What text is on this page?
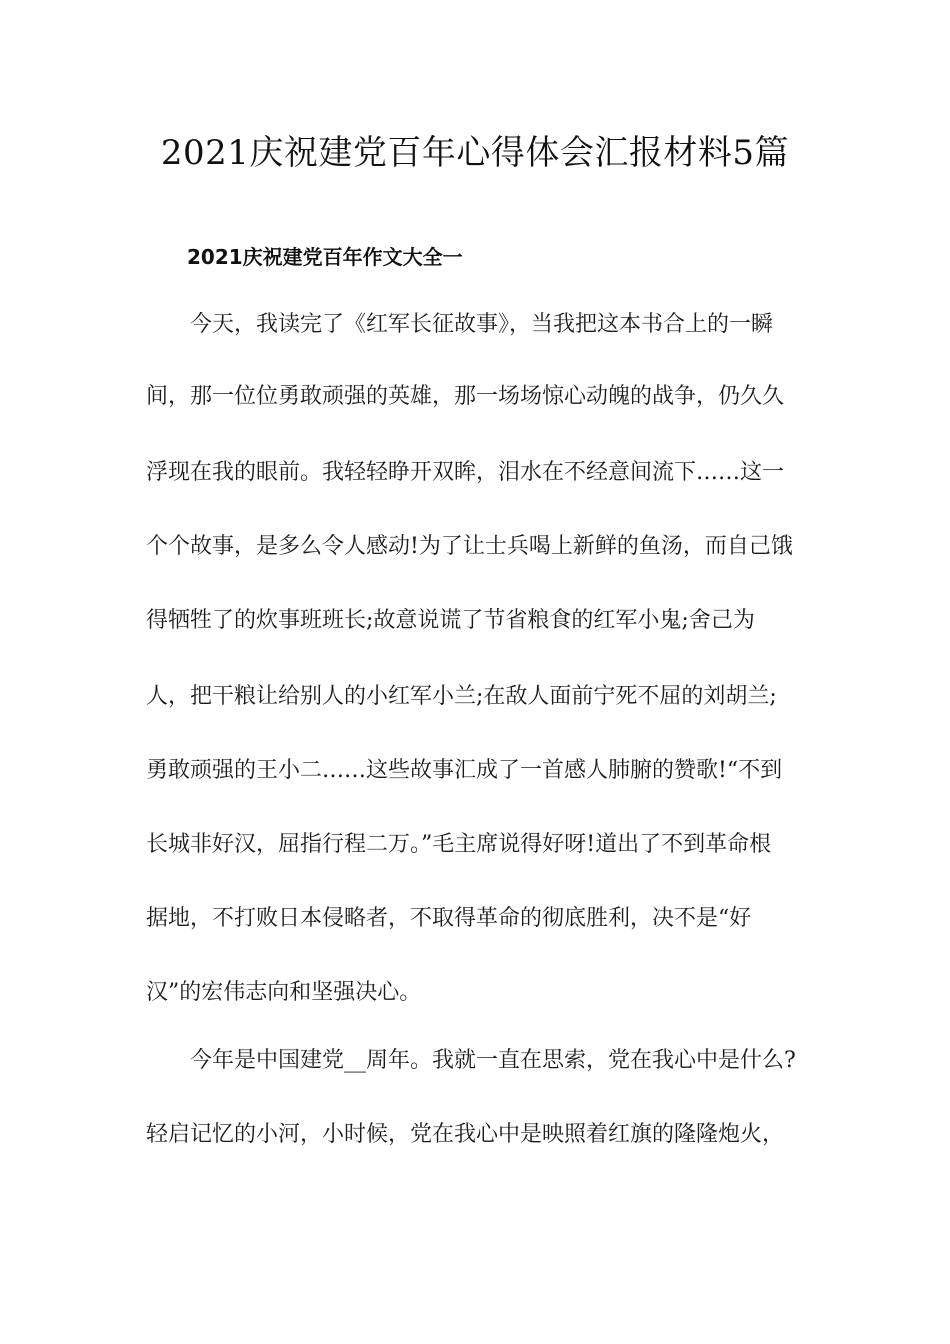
2021庆祝建党百年心得体会汇报材料5篇
2021庆祝建党百年作文大全一
今天，我读完了《红军长征故事》，当我把这本书合上的一瞬
间，那一位位勇敢顽强的英雄，那一场场惊心动魄的战争，仍久久
浮现在我的眼前。我轻轻睁开双眸，泪水在不经意间流下……这一
个个故事，是多么令人感动!为了让士兵喝上新鲜的鱼汤，而自己饿
得牺牲了的炊事班班长;故意说谎了节省粮食的红军小鬼;舍己为
人，把干粮让给别人的小红军小兰;在敌人面前宁死不屈的刘胡兰;
勇敢顽强的王小二……这些故事汇成了一首感人肺腑的赞歌!“不到
长城非好汉，屈指行程二万。”毛主席说得好呀!道出了不到革命根
据地，不打败日本侵略者，不取得革命的彻底胜利，决不是“好
汉”的宏伟志向和坚强决心。
今年是中国建党__周年。我就一直在思索，党在我心中是什么?
轻启记忆的小河，小时候，党在我心中是映照着红旗的隆隆炮火，
